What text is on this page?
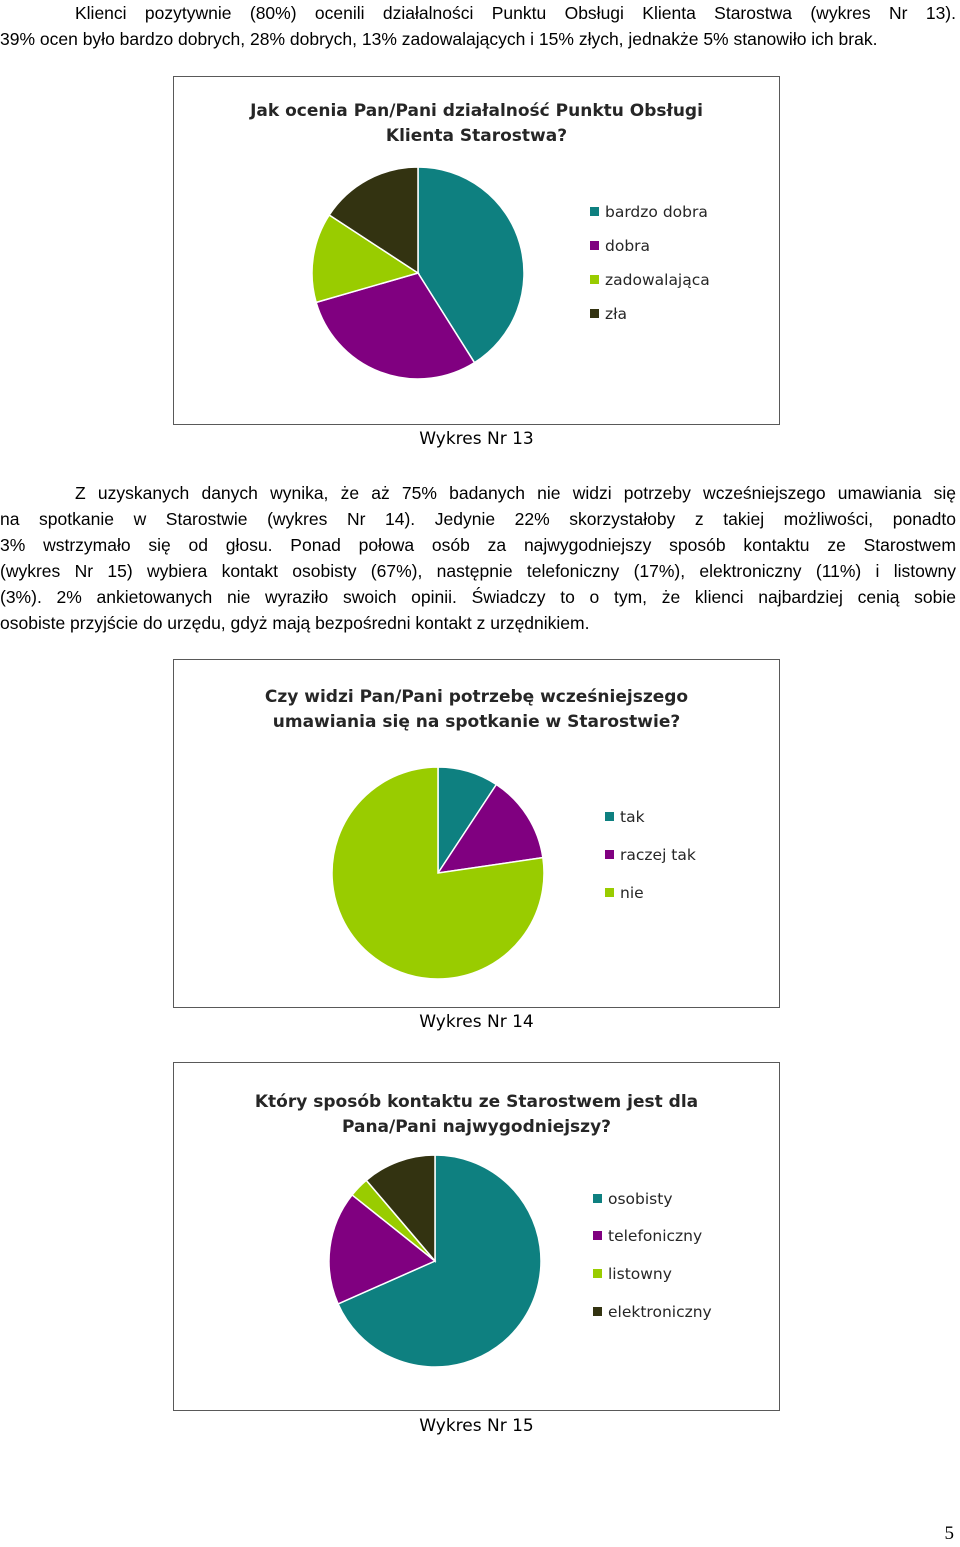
Klienci pozytywnie (80%) ocenili działalności Punktu Obsługi Klienta Starostwa (wykres Nr 13).
39% ocen było bardzo dobrych, 28% dobrych, 13% zadowalających i 15% złych, jednakże 5% stanowiło ich brak.
Jak ocenia Pan/Pani działalność Punktu Obsługi
Klienta Starostwa?
bardzo dobra
dobra
zadowalająca
zła
Wykres Nr 13
Z uzyskanych danych wynika, że aż 75% badanych nie widzi potrzeby wcześniejszego umawiania się
na spotkanie w Starostwie (wykres Nr 14). Jedynie 22% skorzystałoby z takiej możliwości, ponadto
3% wstrzymało się od głosu. Ponad połowa osób za najwygodniejszy sposób kontaktu ze Starostwem
(wykres Nr 15) wybiera kontakt osobisty (67%), następnie telefoniczny (17%), elektroniczny (11%) i listowny
(3%). 2% ankietowanych nie wyraziło swoich opinii. Świadczy to o tym, że klienci najbardziej cenią sobie
osobiste przyjście do urzędu, gdyż mają bezpośredni kontakt z urzędnikiem.
Czy widzi Pan/Pani potrzebę wcześniejszego
umawiania się na spotkanie w Starostwie?
tak
raczej tak
nie
Wykres Nr 14
Który sposób kontaktu ze Starostwem jest dla
Pana/Pani najwygodniejszy?
osobisty
telefoniczny
listowny
elektroniczny
Wykres Nr 15
5
